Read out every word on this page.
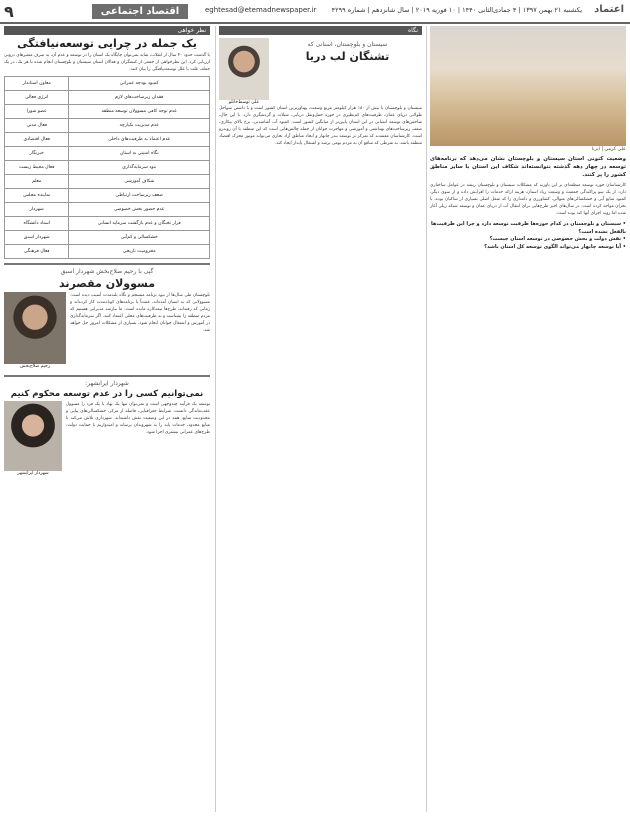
۹	اقتصاد اجتماعی	eghtesad@etemadnewspaper.ir یکشنبه ۲۱ بهمن ۱۳۹۷ | ۴ جمادی‌الثانی ۱۴۴۰ | ۱۰ فوریه ۲۰۱۹ | سال شانزدهم | شماره ۴۲۹۹ اعتماد
نظر خواهی
یک جمله در چرایی توسعه‌نیافتگی
با گذشت حدود ۴۰ سال از انقلاب، شاید نمی‌توان جایگاه یک استان را در توسعه و عدم آن، به صرف متغیرهای درونی ارزیابی کرد. این نظرخواهی از جمعی از کنشگران و فعالان استان سیستان و بلوچستان انجام شده تا هر یک، در یک جمله، علت یا علل توسعه‌نیافتگی را بیان کنند.
کمبود بودجه عمرانی	معاون استاندار
فقدان زیرساخت‌های لازم	انرژی فعالی
عدم توجه کافی مسوولان توسعه منطقه	عضو شورا
عدم مدیریت یکپارچه	فعال مدنی
عدم اعتماد به ظرفیت‌های داخلی	فعال اقتصادی
نگاه امنیتی به استان	خبرنگار
نبود سرمایه‌گذاری	فعال محیط زیست
شکاف آموزشی	معلم
ضعف زیرساخت ارتباطی	نماینده مجلس
عدم حضور بخش خصوصی	شهردار
فرار نخبگان و عدم بازگشت سرمایه انسانی	استاد دانشگاه
خشکسالی و کم‌آبی	شهردار اسبق
محرومیت تاریخی	فعال فرهنگی
گپی با رحیم صلاح‌بخش شهردار اسبق
مسوولان مقصرند
بلوچستان طی سال‌ها از نبود برنامه منسجم و نگاه بلندمدت آسیب دیده است. مسوولانی که به استان آمده‌اند، عمدتاً با برنامه‌های کوتاه‌مدت کار کرده‌اند و زمانی که رفته‌اند، طرح‌ها نیمه‌کاره مانده است. ما نیازمند مدیرانی هستیم که مردم منطقه را بشناسند و به ظرفیت‌های محلی اعتماد کنند. اگر سرمایه‌گذاری در آموزش و اشتغال جوانان انجام شود، بسیاری از مشکلات امروز حل خواهد شد.
رحیم صلاح‌بخش
شهردار ایرانشهر:
نمی‌توانیم کسی را در عدم توسعه محکوم کنیم
توسعه یک فرآیند چندوجهی است و نمی‌توان تنها یک نهاد یا یک فرد را مسوول عقب‌ماندگی دانست. شرایط جغرافیایی، فاصله از مرکز، خشکسالی‌های پیاپی و محدودیت منابع، همه در این وضعیت نقش داشته‌اند. شهرداری تلاش می‌کند با منابع محدود، خدمات پایه را به شهروندان برساند و امیدواریم با حمایت دولت، طرح‌های عمرانی بیشتری اجرا شود.
شهردار ایرانشهر
نگاه
سیستان و بلوچستان، استانی که
تشنگان لب دریا
علی توسط‌خانلو
سیستان و بلوچستان با بیش از ۱۸۰ هزار کیلومتر مربع وسعت، پهناورترین استان کشور است و با داشتن سواحل طولانی دریای عمان، ظرفیت‌های کم‌نظیری در حوزه حمل‌ونقل دریایی، شیلات و گردشگری دارد. با این حال، شاخص‌های توسعه انسانی در این استان پایین‌تر از میانگین کشور است. کمبود آب آشامیدنی، نرخ بالای بیکاری، ضعف زیرساخت‌های بهداشتی و آموزشی و مهاجرت جوانان از جمله چالش‌هایی است که این منطقه با آن روبه‌رو است. کارشناسان معتقدند که تمرکز بر توسعه بندر چابهار و ایجاد مناطق آزاد تجاری می‌تواند موتور محرک اقتصاد منطقه باشد، به شرطی که منافع آن به مردم بومی برسد و اشتغال پایدار ایجاد کند.
علی کرمی | ایرنا
وضعیت کنونی استان سیستان و بلوچستان نشان می‌دهد که برنامه‌های توسعه در چهار دهه گذشته نتوانسته‌اند شکاف این استان با سایر مناطق کشور را پر کنند.
کارشناسان حوزه توسعه منطقه‌ای بر این باورند که مشکلات سیستان و بلوچستان ریشه در عوامل ساختاری دارد. از یک سو پراکندگی جمعیت و وسعت زیاد استان، هزینه ارائه خدمات را افزایش داده و از سوی دیگر، کمبود منابع آبی و خشکسالی‌های متوالی، کشاورزی و دامداری را که شغل اصلی بسیاری از ساکنان بوده، با بحران مواجه کرده است. در سال‌های اخیر طرح‌هایی برای انتقال آب از دریای عمان و توسعه شبکه ریلی آغاز شده اما روند اجرای آنها کند بوده است.
• سیستان و بلوچستان در کدام حوزه‌ها ظرفیت توسعه دارد و چرا این ظرفیت‌ها بالفعل نشده است؟
• نقش دولت و بخش خصوصی در توسعه استان چیست؟
• آیا توسعه چابهار می‌تواند الگوی توسعه کل استان باشد؟
